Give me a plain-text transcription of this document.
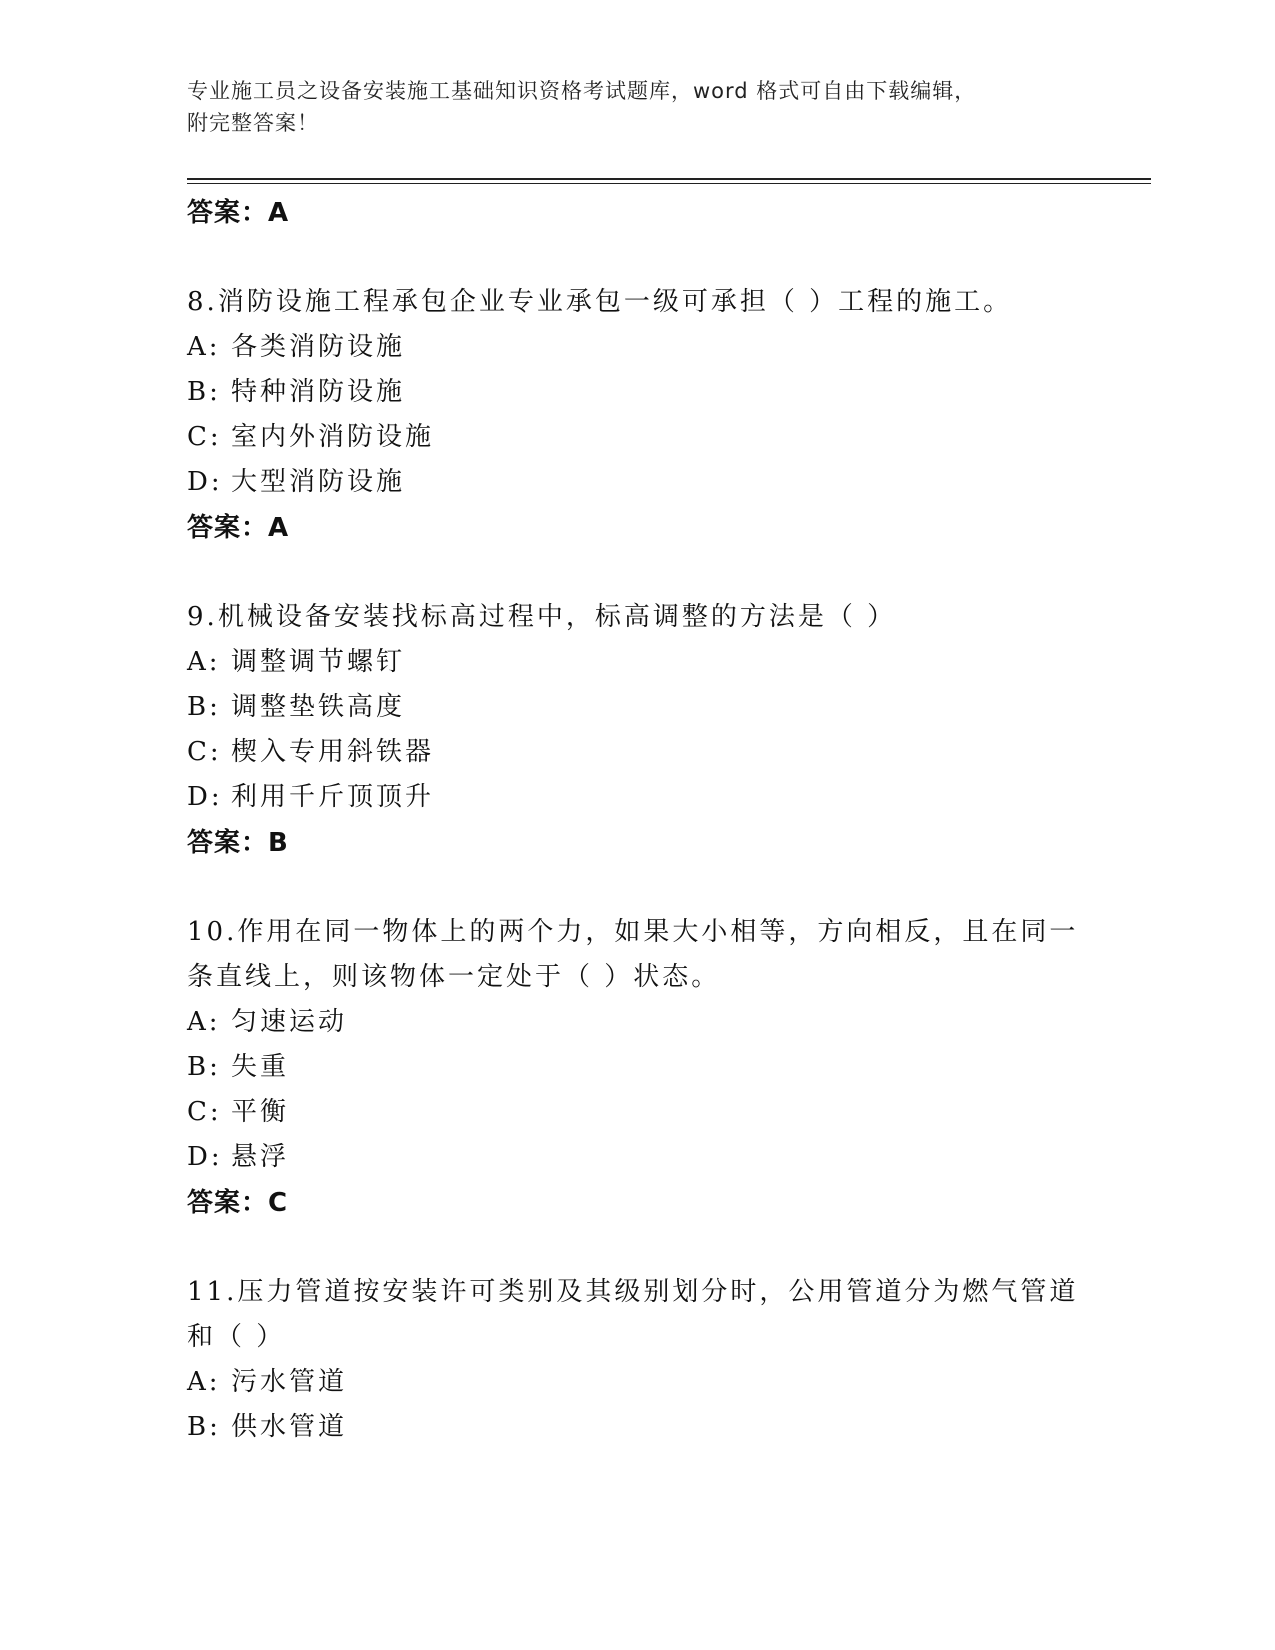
专业施工员之设备安装施工基础知识资格考试题库，word 格式可自由下载编辑，
附完整答案！
答案：A
8.消防设施工程承包企业专业承包一级可承担（ ）工程的施工。
A: 各类消防设施
B: 特种消防设施
C: 室内外消防设施
D: 大型消防设施
答案：A
9.机械设备安装找标高过程中，标高调整的方法是（ ）
A: 调整调节螺钉
B: 调整垫铁高度
C: 楔入专用斜铁器
D: 利用千斤顶顶升
答案：B
10.作用在同一物体上的两个力，如果大小相等，方向相反，且在同一
条直线上，则该物体一定处于（ ）状态。
A: 匀速运动
B: 失重
C: 平衡
D: 悬浮
答案：C
11.压力管道按安装许可类别及其级别划分时，公用管道分为燃气管道
和（ ）
A: 污水管道
B: 供水管道
